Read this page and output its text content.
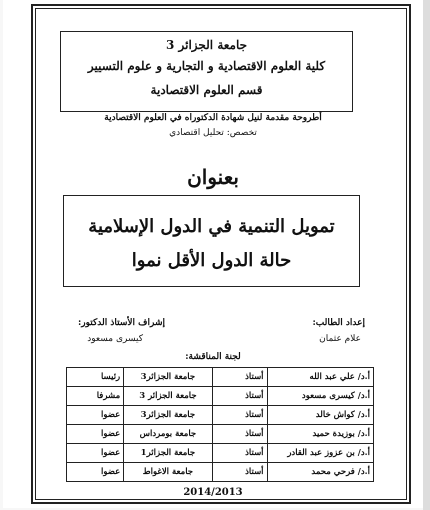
جامعة الجزائر 3
كلية العلوم الاقتصادية و التجارية و علوم التسيير
قسم العلوم الاقتصادية
أطروحة مقدمة لنيل شهادة الدكتوراه في العلوم الاقتصادية
تخصص: تحليل اقتصادي
بعنوان
تمويل التنمية في الدول الإسلامية
حالة الدول الأقل نموا
إعداد الطالب:
علام عثمان
إشراف الأستاذ الدكتور:
كيسرى مسعود
لجنة المناقشة:
أ.د/ علي عبد الله	أستاذ	جامعة الجزائر3	رئيسا
أ.د/ كيسرى مسعود	أستاذ	جامعة الجزائر 3	مشرفا
أ.د/ كواش خالد	أستاذ	جامعة الجزائر3	عضوا
أ.د/ بوزيدة حميد	أستاذ	جامعة بومرداس	عضوا
أ.د/ بن عزوز عبد القادر	أستاذ	جامعة الجزائر1	عضوا
أ.د/ فرحي محمد	أستاذ	جامعة الاغواط	عضوا
2014/2013
